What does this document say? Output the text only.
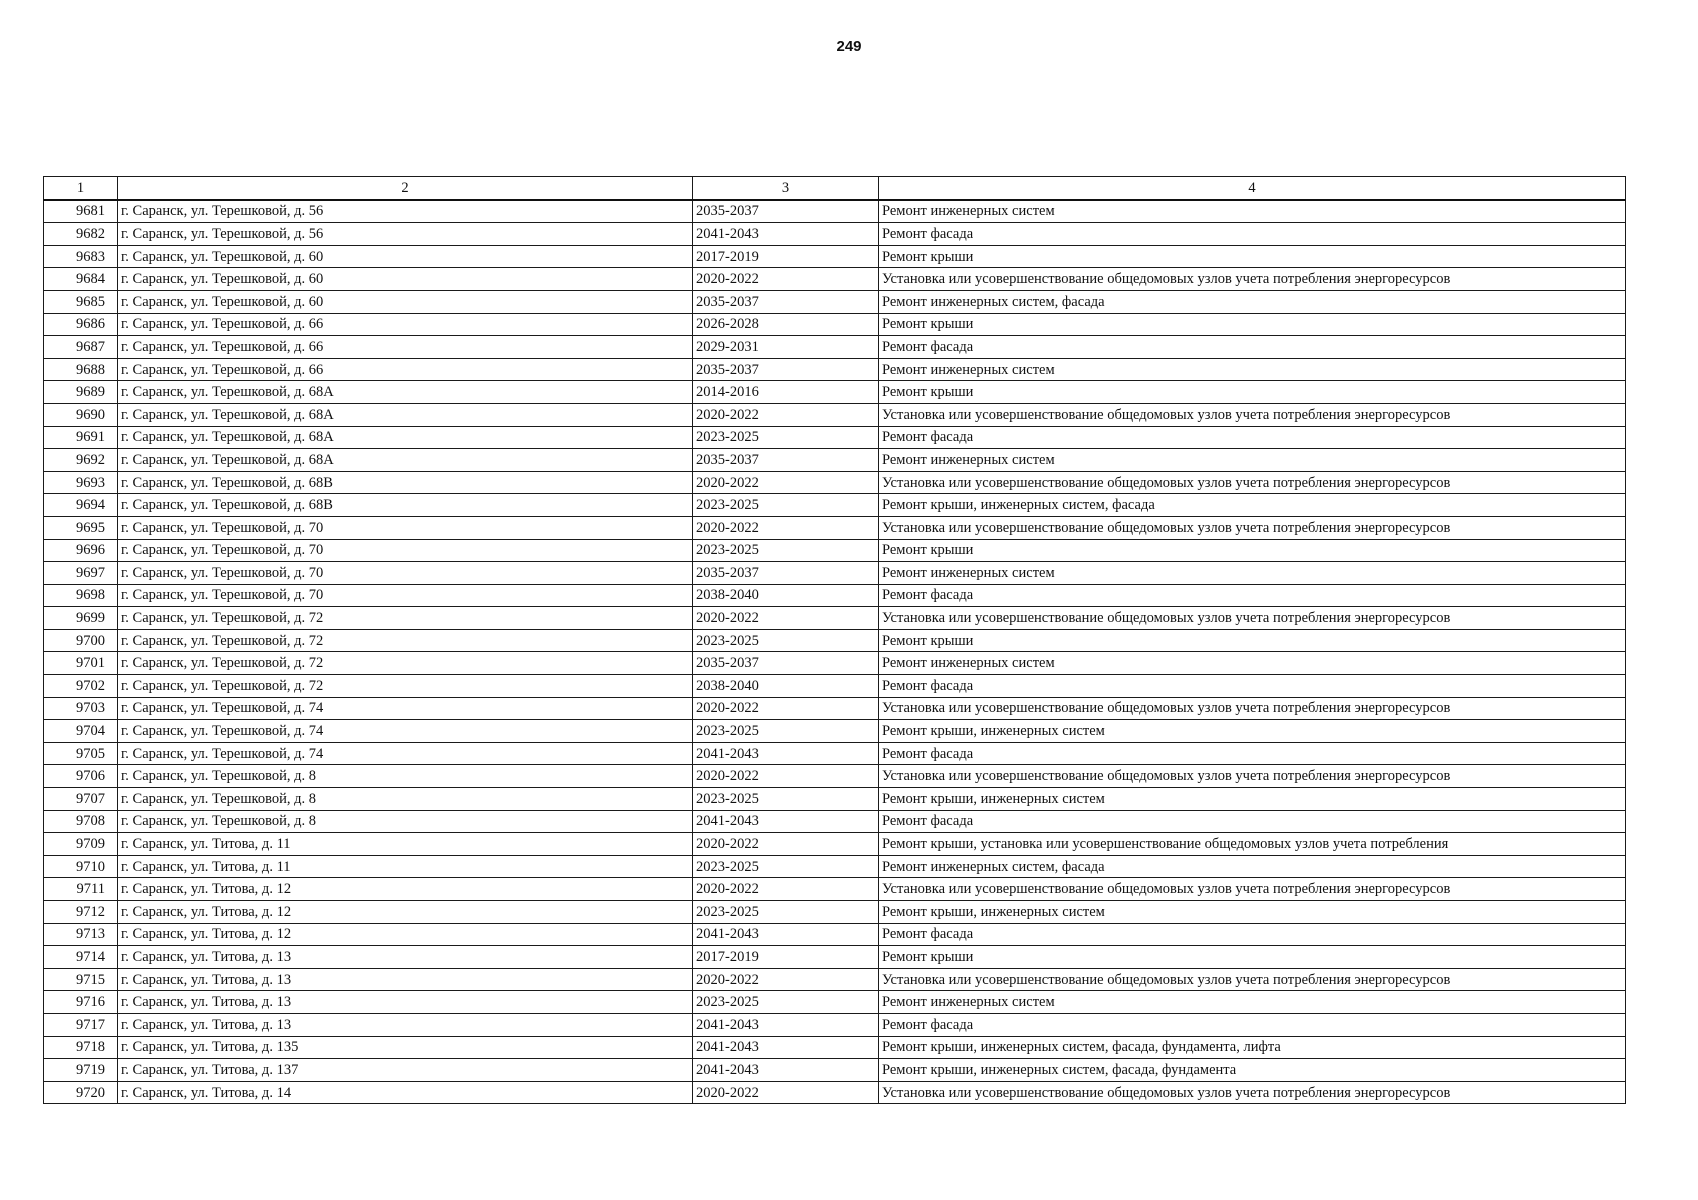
249
1	2	3	4
9681	г. Саранск, ул. Терешковой, д. 56	2035-2037	Ремонт инженерных систем
9682	г. Саранск, ул. Терешковой, д. 56	2041-2043	Ремонт фасада
9683	г. Саранск, ул. Терешковой, д. 60	2017-2019	Ремонт крыши
9684	г. Саранск, ул. Терешковой, д. 60	2020-2022	Установка или усовершенствование общедомовых узлов учета потребления энергоресурсов
9685	г. Саранск, ул. Терешковой, д. 60	2035-2037	Ремонт инженерных систем, фасада
9686	г. Саранск, ул. Терешковой, д. 66	2026-2028	Ремонт крыши
9687	г. Саранск, ул. Терешковой, д. 66	2029-2031	Ремонт фасада
9688	г. Саранск, ул. Терешковой, д. 66	2035-2037	Ремонт инженерных систем
9689	г. Саранск, ул. Терешковой, д. 68А	2014-2016	Ремонт крыши
9690	г. Саранск, ул. Терешковой, д. 68А	2020-2022	Установка или усовершенствование общедомовых узлов учета потребления энергоресурсов
9691	г. Саранск, ул. Терешковой, д. 68А	2023-2025	Ремонт фасада
9692	г. Саранск, ул. Терешковой, д. 68А	2035-2037	Ремонт инженерных систем
9693	г. Саранск, ул. Терешковой, д. 68В	2020-2022	Установка или усовершенствование общедомовых узлов учета потребления энергоресурсов
9694	г. Саранск, ул. Терешковой, д. 68В	2023-2025	Ремонт крыши, инженерных систем, фасада
9695	г. Саранск, ул. Терешковой, д. 70	2020-2022	Установка или усовершенствование общедомовых узлов учета потребления энергоресурсов
9696	г. Саранск, ул. Терешковой, д. 70	2023-2025	Ремонт крыши
9697	г. Саранск, ул. Терешковой, д. 70	2035-2037	Ремонт инженерных систем
9698	г. Саранск, ул. Терешковой, д. 70	2038-2040	Ремонт фасада
9699	г. Саранск, ул. Терешковой, д. 72	2020-2022	Установка или усовершенствование общедомовых узлов учета потребления энергоресурсов
9700	г. Саранск, ул. Терешковой, д. 72	2023-2025	Ремонт крыши
9701	г. Саранск, ул. Терешковой, д. 72	2035-2037	Ремонт инженерных систем
9702	г. Саранск, ул. Терешковой, д. 72	2038-2040	Ремонт фасада
9703	г. Саранск, ул. Терешковой, д. 74	2020-2022	Установка или усовершенствование общедомовых узлов учета потребления энергоресурсов
9704	г. Саранск, ул. Терешковой, д. 74	2023-2025	Ремонт крыши, инженерных систем
9705	г. Саранск, ул. Терешковой, д. 74	2041-2043	Ремонт фасада
9706	г. Саранск, ул. Терешковой, д. 8	2020-2022	Установка или усовершенствование общедомовых узлов учета потребления энергоресурсов
9707	г. Саранск, ул. Терешковой, д. 8	2023-2025	Ремонт крыши, инженерных систем
9708	г. Саранск, ул. Терешковой, д. 8	2041-2043	Ремонт фасада
9709	г. Саранск, ул. Титова, д. 11	2020-2022	Ремонт крыши, установка или усовершенствование общедомовых узлов учета потребления
9710	г. Саранск, ул. Титова, д. 11	2023-2025	Ремонт инженерных систем, фасада
9711	г. Саранск, ул. Титова, д. 12	2020-2022	Установка или усовершенствование общедомовых узлов учета потребления энергоресурсов
9712	г. Саранск, ул. Титова, д. 12	2023-2025	Ремонт крыши, инженерных систем
9713	г. Саранск, ул. Титова, д. 12	2041-2043	Ремонт фасада
9714	г. Саранск, ул. Титова, д. 13	2017-2019	Ремонт крыши
9715	г. Саранск, ул. Титова, д. 13	2020-2022	Установка или усовершенствование общедомовых узлов учета потребления энергоресурсов
9716	г. Саранск, ул. Титова, д. 13	2023-2025	Ремонт инженерных систем
9717	г. Саранск, ул. Титова, д. 13	2041-2043	Ремонт фасада
9718	г. Саранск, ул. Титова, д. 135	2041-2043	Ремонт крыши, инженерных систем, фасада, фундамента, лифта
9719	г. Саранск, ул. Титова, д. 137	2041-2043	Ремонт крыши, инженерных систем, фасада, фундамента
9720	г. Саранск, ул. Титова, д. 14	2020-2022	Установка или усовершенствование общедомовых узлов учета потребления энергоресурсов
